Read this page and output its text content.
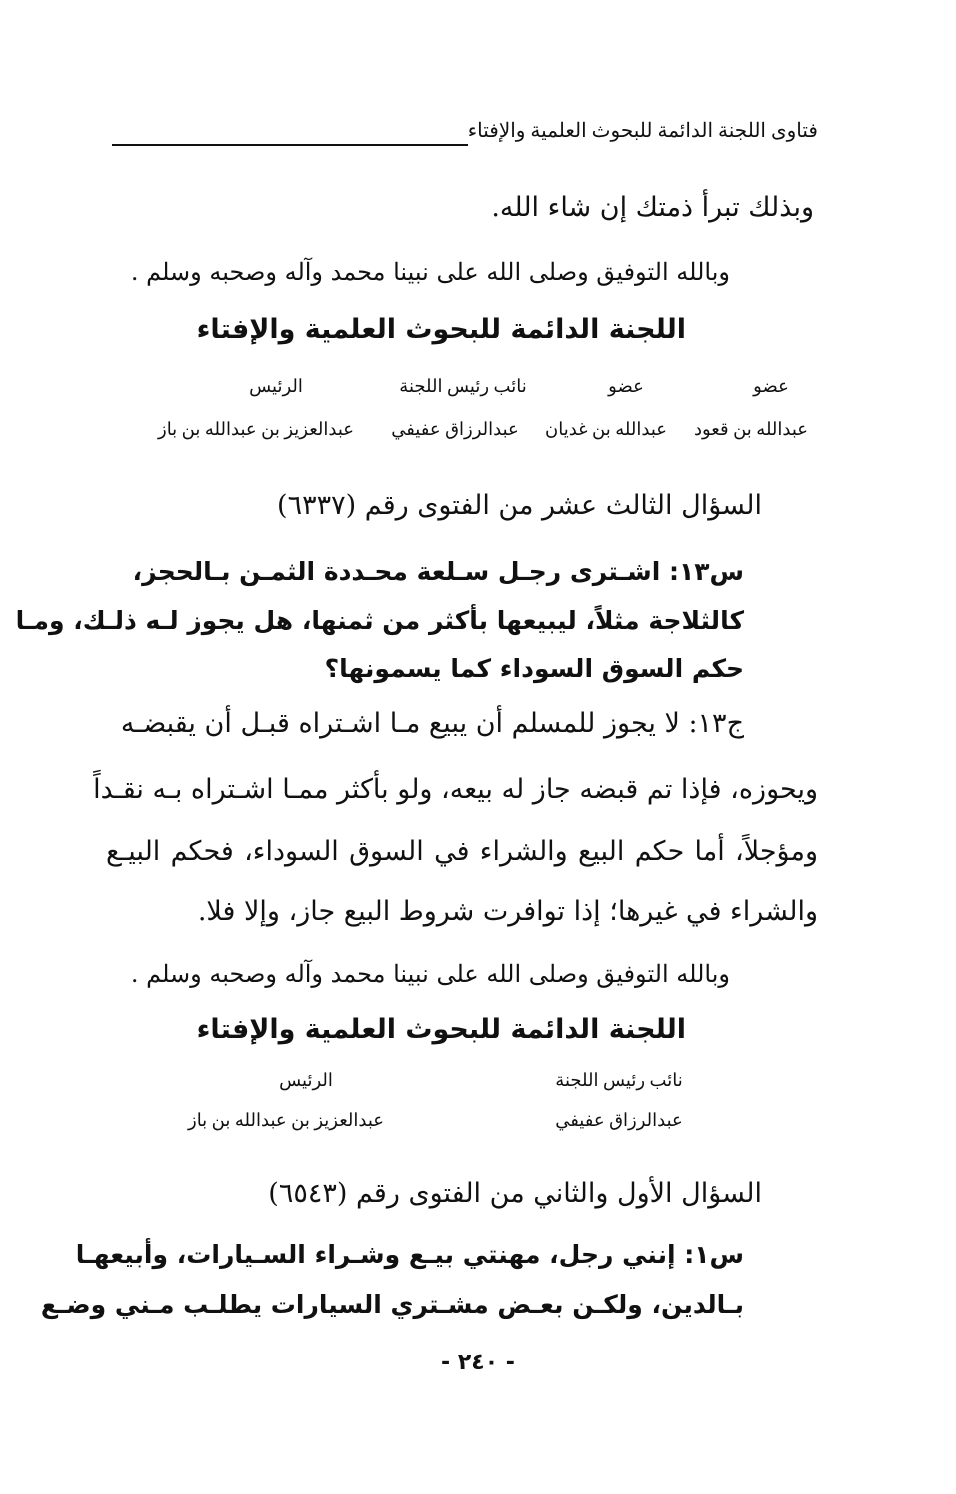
فتاوى اللجنة الدائمة للبحوث العلمية والإفتاء
وبذلك تبرأ ذمتك إن شاء الله.
وبالله التوفيق وصلى الله على نبينا محمد وآله وصحبه وسلم .
اللجنة الدائمة للبحوث العلمية والإفتاء
عضو
عضو
نائب رئيس اللجنة
الرئيس
عبدالله بن قعود
عبدالله بن غديان
عبدالرزاق عفيفي
عبدالعزيز بن عبدالله بن باز
السؤال الثالث عشر من الفتوى رقم (٦٣٣٧)
س١٣: اشـترى رجـل سـلعة محـددة الثمـن بـالحجز،
كالثلاجة مثلاً، ليبيعها بأكثر من ثمنها، هل يجوز لـه ذلـك، ومـا
حكم السوق السوداء كما يسمونها؟
ج١٣: لا يجوز للمسلم أن يبيع مـا اشـتراه قبـل أن يقبضـه
ويحوزه، فإذا تم قبضه جاز له بيعه، ولو بأكثر ممـا اشـتراه بـه نقـداً
ومؤجلاً، أما حكم البيع والشراء في السوق السوداء، فحكم البيـع
والشراء في غيرها؛ إذا توافرت شروط البيع جاز، وإلا فلا.
وبالله التوفيق وصلى الله على نبينا محمد وآله وصحبه وسلم .
اللجنة الدائمة للبحوث العلمية والإفتاء
نائب رئيس اللجنة
الرئيس
عبدالرزاق عفيفي
عبدالعزيز بن عبدالله بن باز
السؤال الأول والثاني من الفتوى رقم (٦٥٤٣)
س١: إنني رجل، مهنتي بيـع وشـراء السـيارات، وأبيعهـا
بـالدين، ولكـن بعـض مشـتري السيارات يطلـب مـني وضـع
- ٢٤٠ -
